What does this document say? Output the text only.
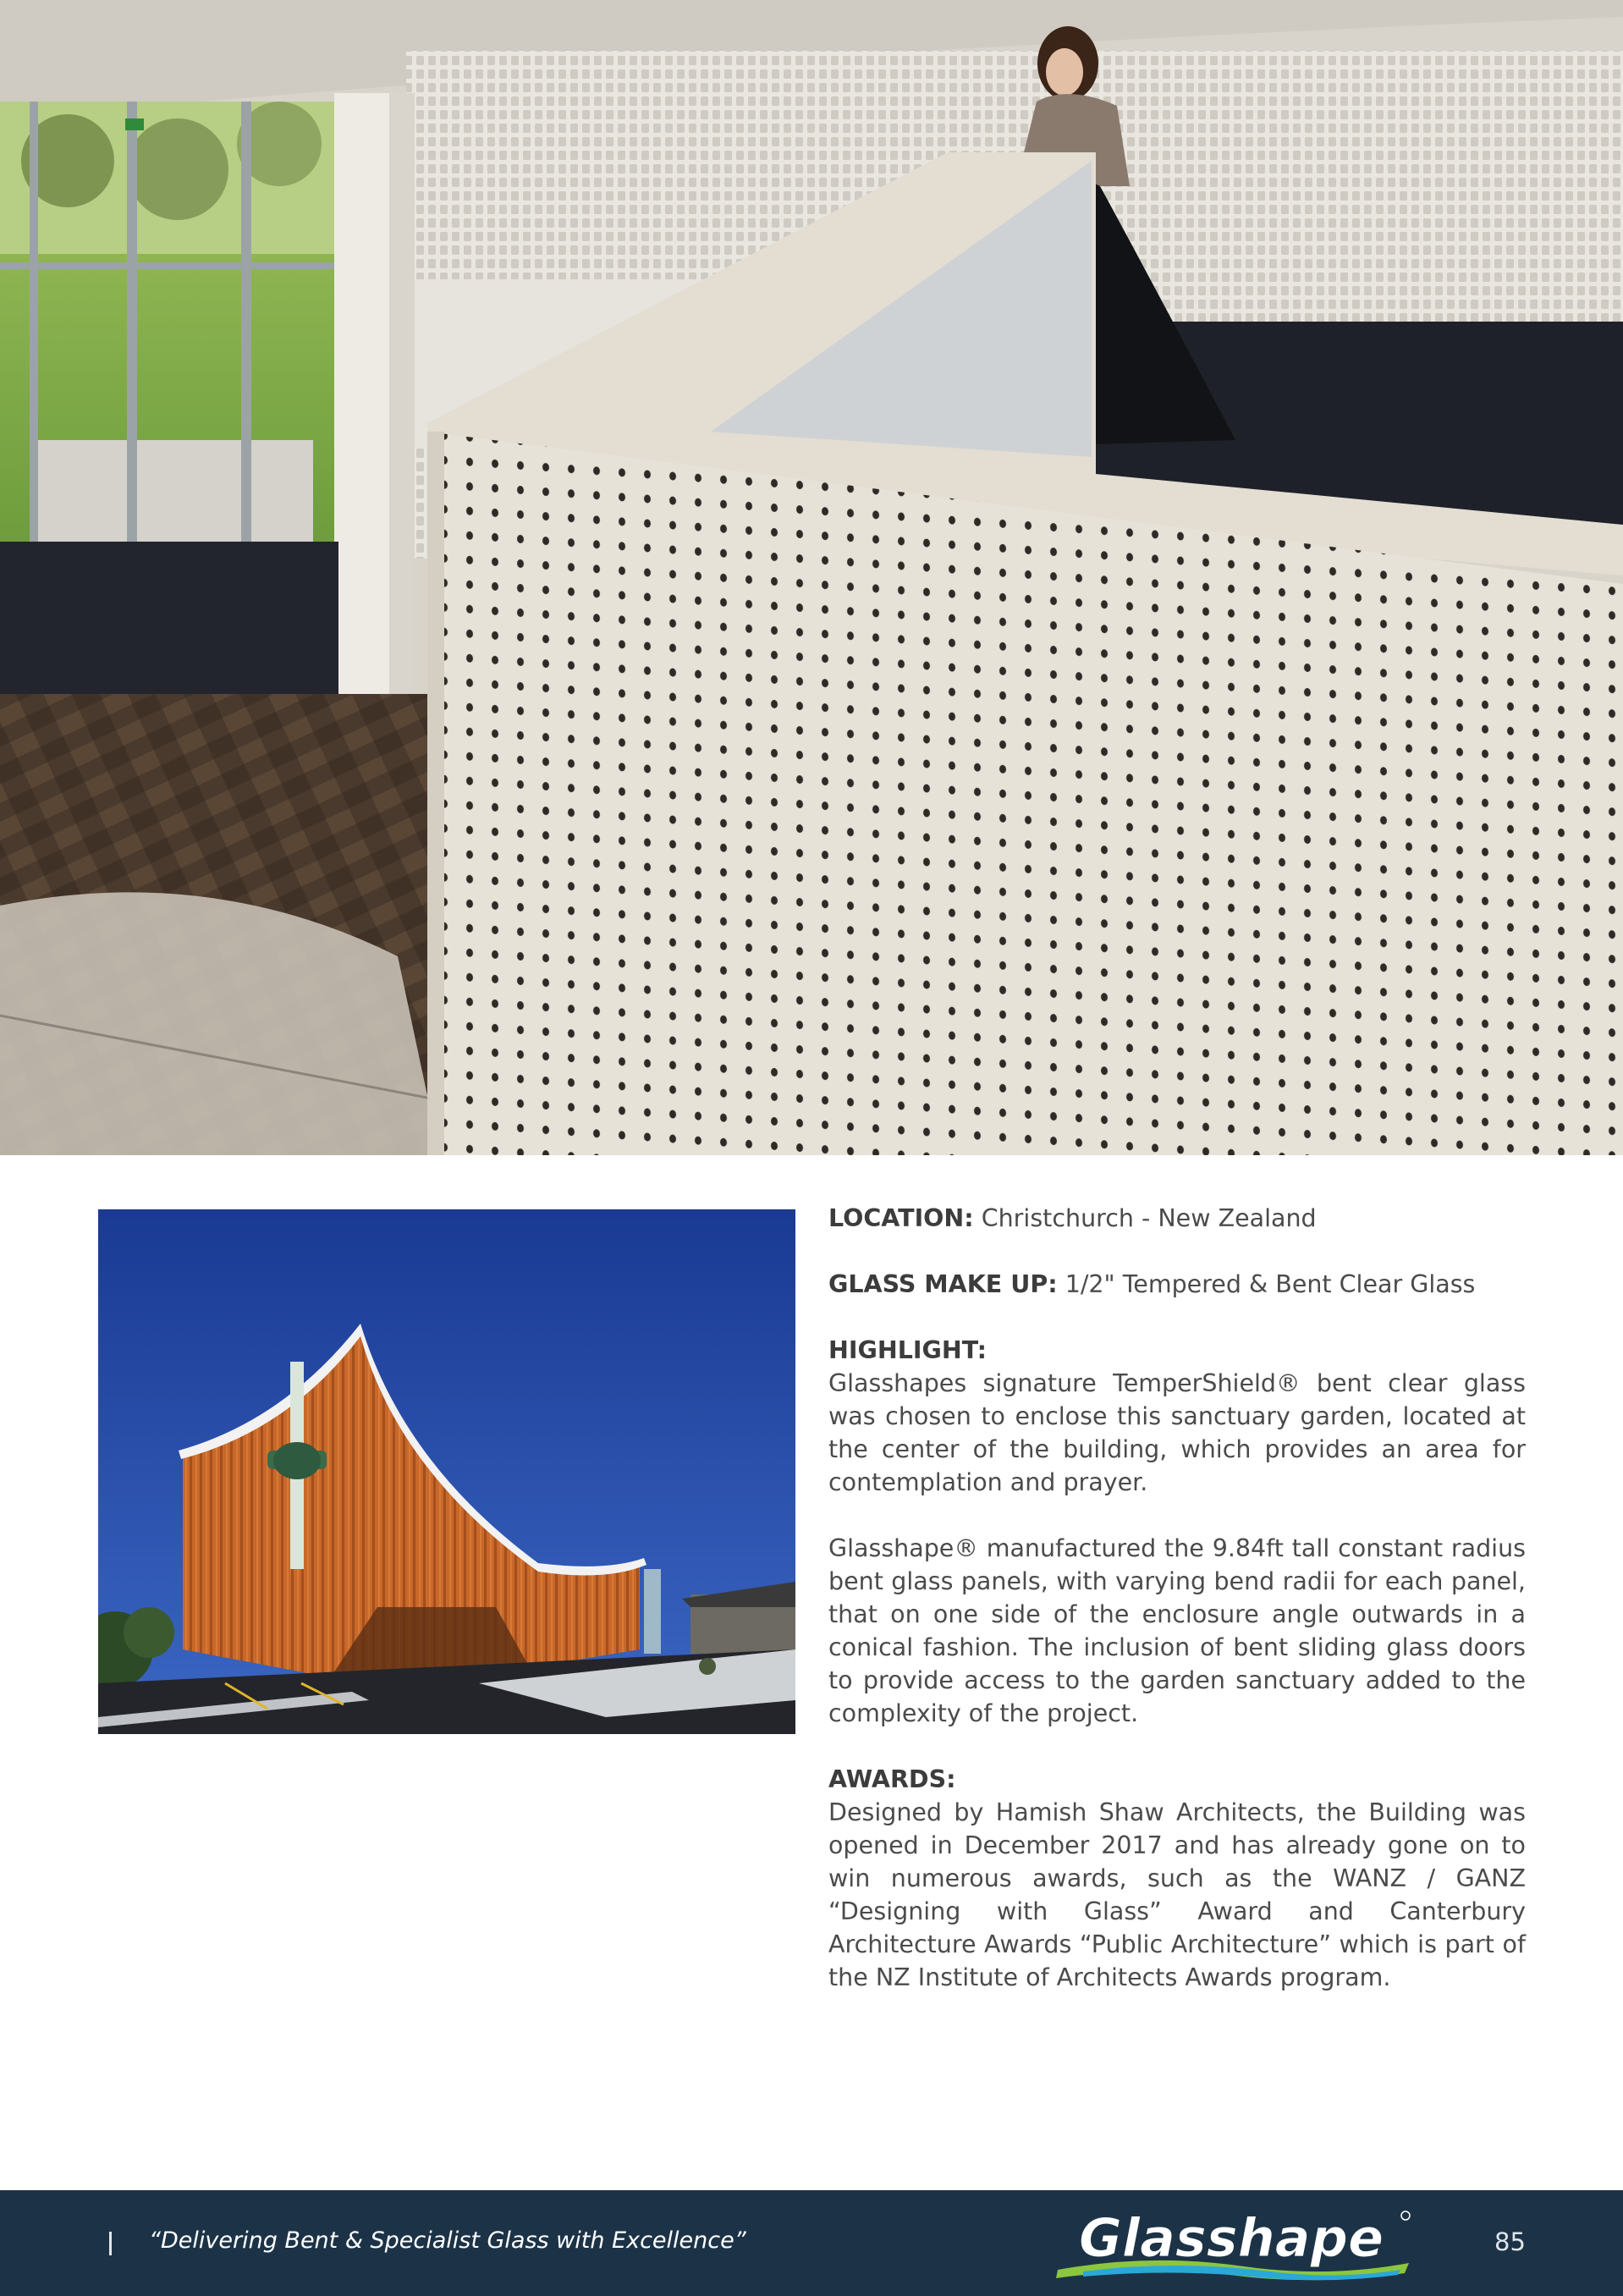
LOCATION: Christchurch - New Zealand

GLASS MAKE UP: 1/2" Tempered & Bent Clear Glass

HIGHLIGHT:

Glasshapes signature TemperShield® bent clear glass was chosen to enclose this sanctuary garden, located at the center of the building, which provides an area for contemplation and prayer.

Glasshape® manufactured the 9.84ft tall constant radius bent glass panels, with varying bend radii for each panel, that on one side of the enclosure angle outwards in a conical fashion. The inclusion of bent sliding glass doors to provide access to the garden sanctuary added to the complexity of the project.

AWARDS:

Designed by Hamish Shaw Architects, the Building was opened in December 2017 and has already gone on to win numerous awards, such as the WANZ / GANZ “Designing with Glass” Award and Canterbury Architecture Awards “Public Architecture” which is part of the NZ Institute of Architects Awards program.

“Delivering Bent & Specialist Glass with Excellence”	Glasshape	85
